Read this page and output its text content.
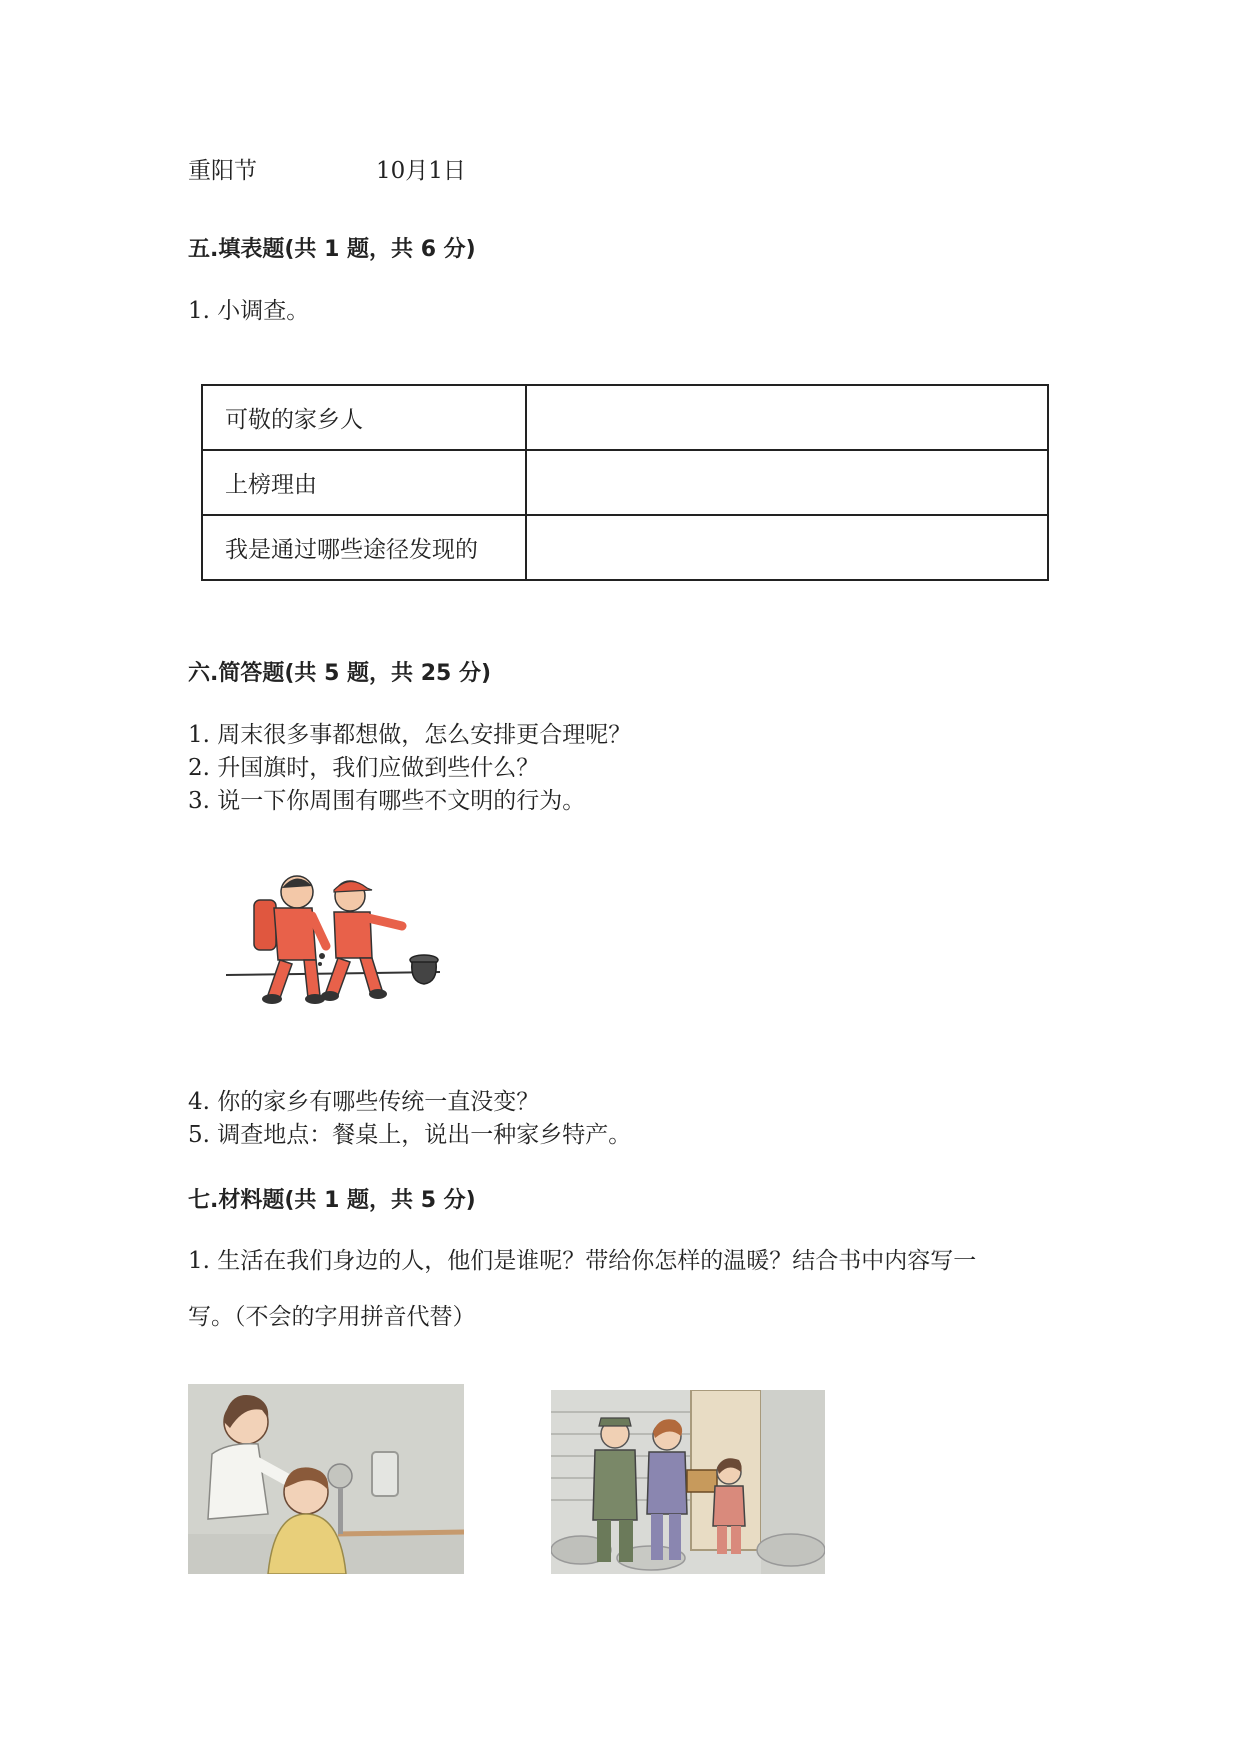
重阳节	10月1日
五.填表题(共 1 题，共 6 分)
1. 小调查。
可敬的家乡人	
上榜理由	
我是通过哪些途径发现的	
六.简答题(共 5 题，共 25 分)
1. 周末很多事都想做，怎么安排更合理呢？
2. 升国旗时，我们应做到些什么？
3. 说一下你周围有哪些不文明的行为。
4. 你的家乡有哪些传统一直没变？
5. 调查地点：餐桌上，说出一种家乡特产。
七.材料题(共 1 题，共 5 分)
1. 生活在我们身边的人，他们是谁呢？带给你怎样的温暖？结合书中内容写一
写。（不会的字用拼音代替）
